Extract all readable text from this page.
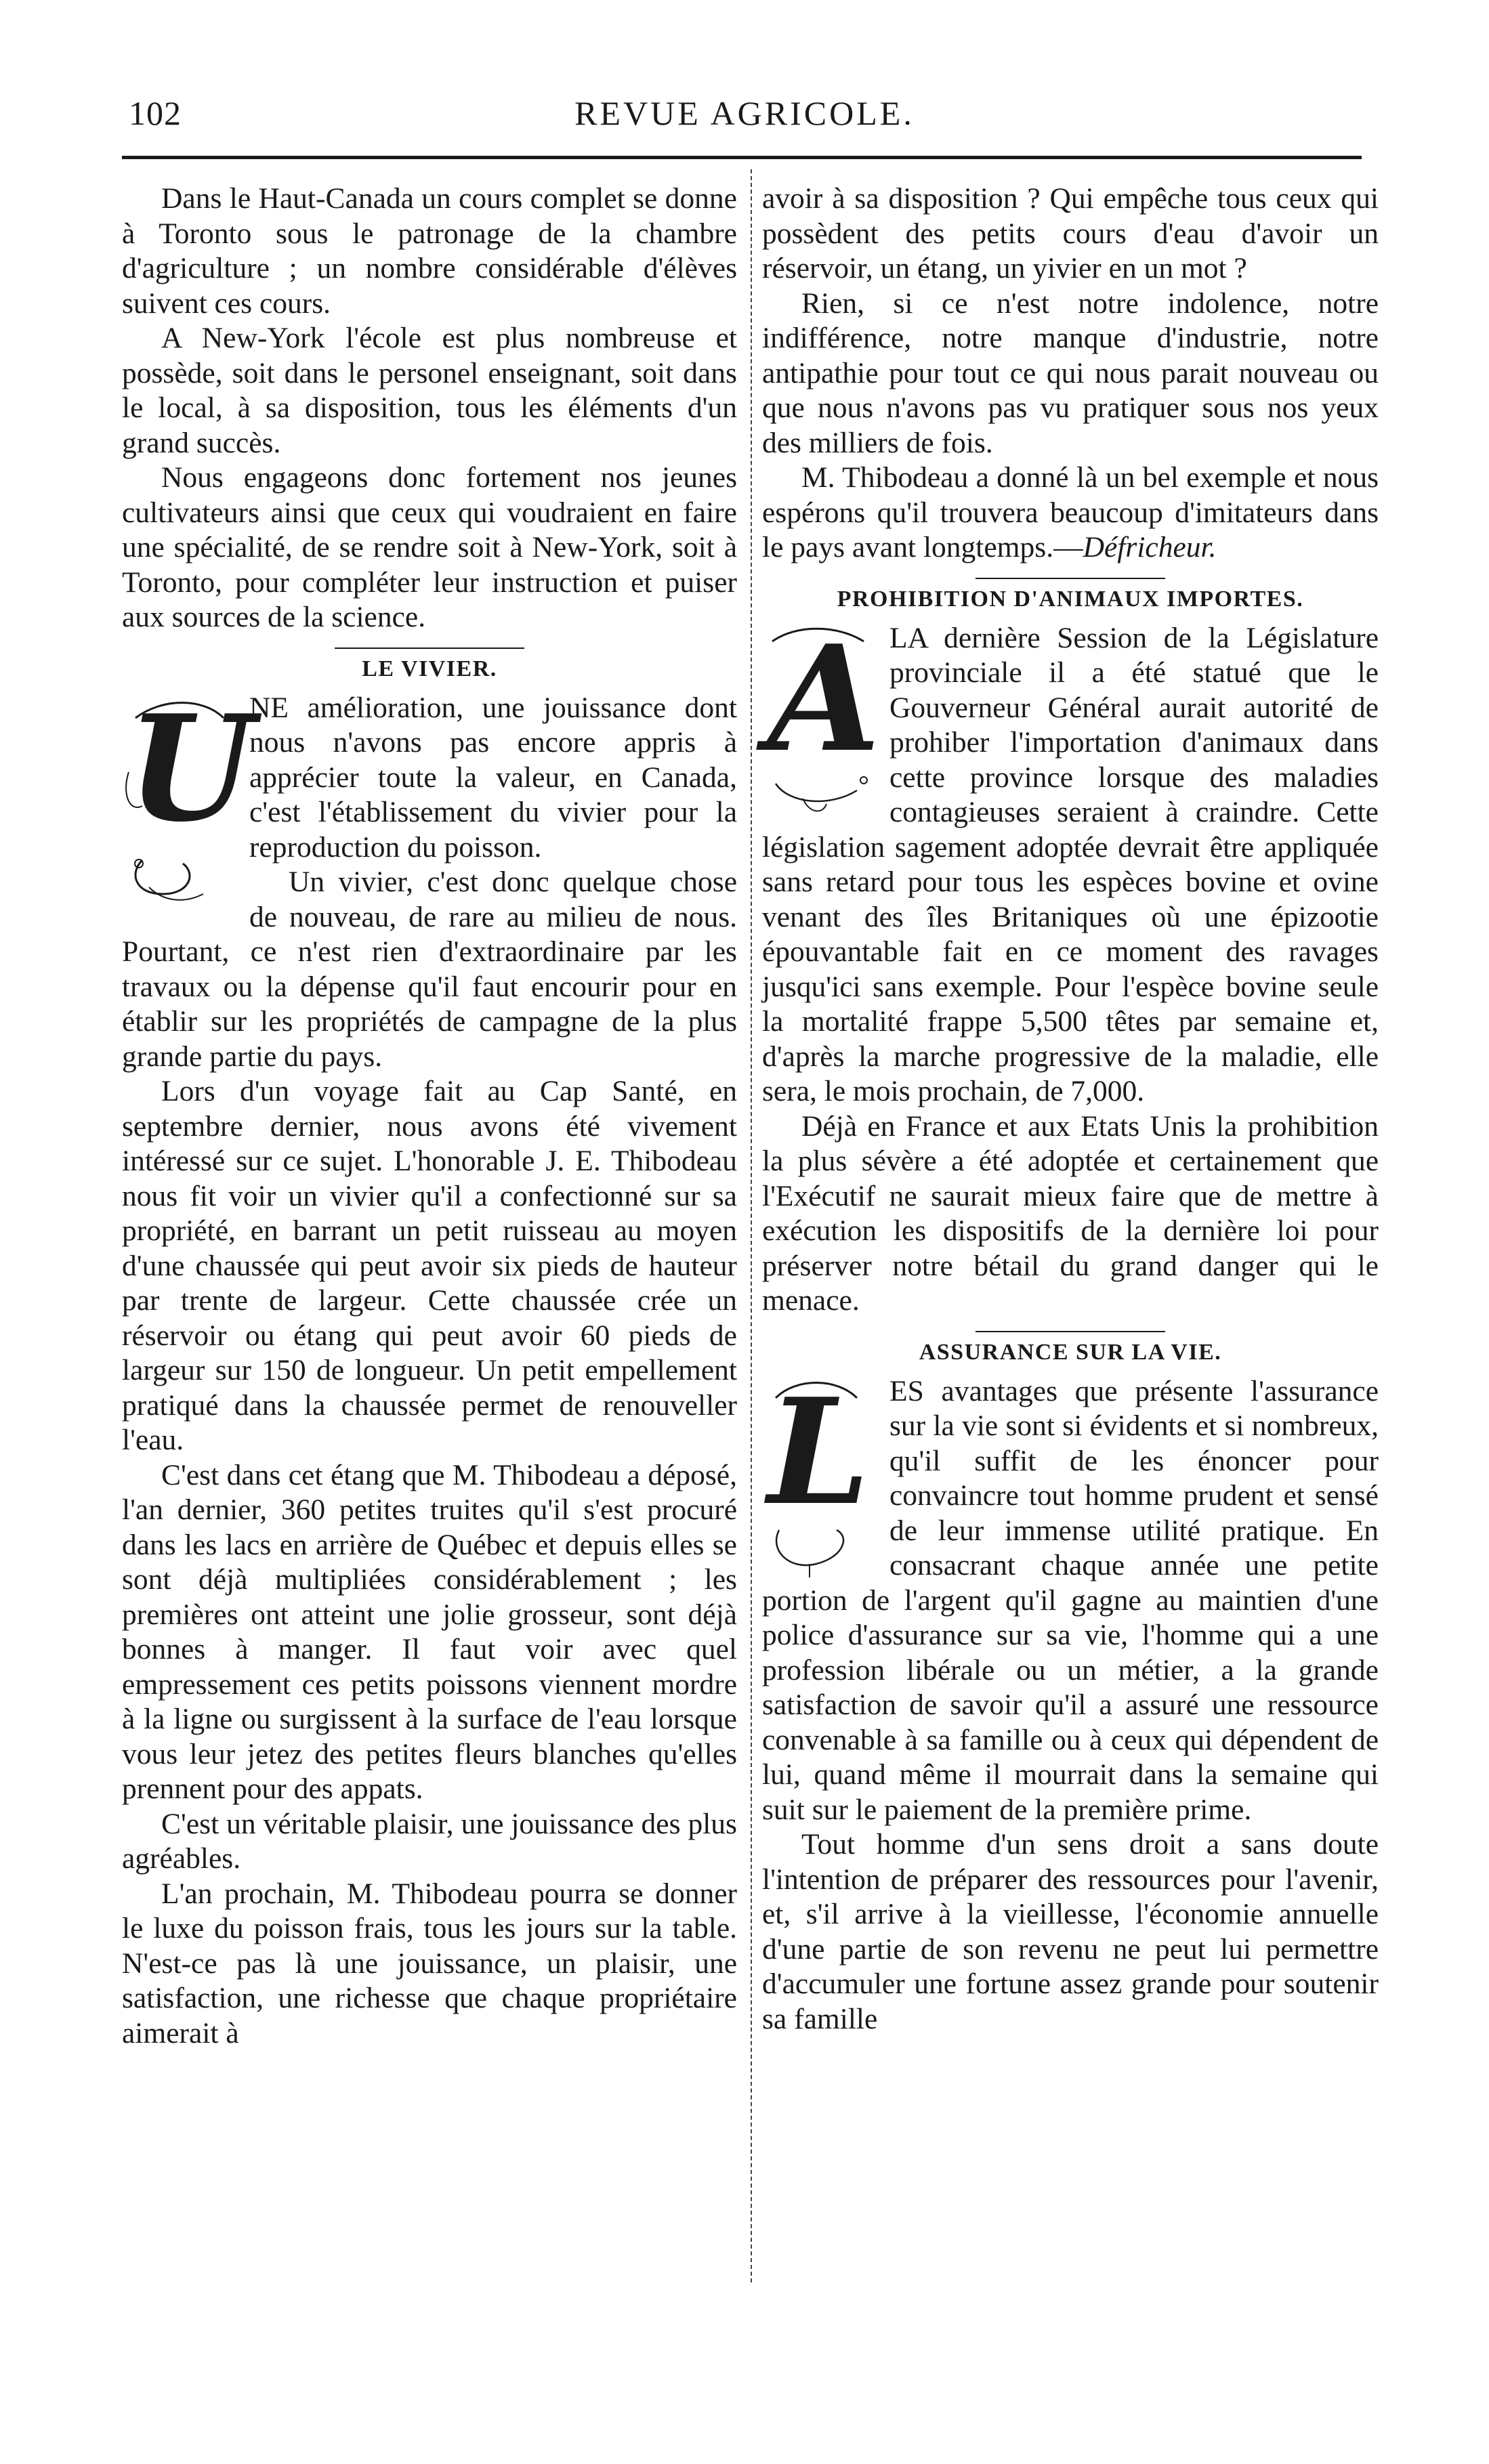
102	REVUE AGRICOLE.

Dans le Haut-Canada un cours complet se donne à Toronto sous le patronage de la chambre d'agriculture ; un nombre considérable d'élèves suivent ces cours.

A New-York l'école est plus nombreuse et possède, soit dans le personel enseignant, soit dans le local, à sa disposition, tous les éléments d'un grand succès.

Nous engageons donc fortement nos jeunes cultivateurs ainsi que ceux qui voudraient en faire une spécialité, de se rendre soit à New-York, soit à Toronto, pour compléter leur instruction et puiser aux sources de la science.

LE VIVIER.
U

NE amélioration, une jouissance dont nous n'avons pas encore appris à apprécier toute la valeur, en Canada, c'est l'établissement du vivier pour la reproduction du poisson.

Un vivier, c'est donc quelque chose de nouveau, de rare au milieu de nous. Pourtant, ce n'est rien d'extraordinaire par les travaux ou la dépense qu'il faut encourir pour en établir sur les propriétés de campagne de la plus grande partie du pays.

Lors d'un voyage fait au Cap Santé, en septembre dernier, nous avons été vivement intéressé sur ce sujet. L'honorable J. E. Thibodeau nous fit voir un vivier qu'il a confectionné sur sa propriété, en barrant un petit ruisseau au moyen d'une chaussée qui peut avoir six pieds de hauteur par trente de largeur. Cette chaussée crée un réservoir ou étang qui peut avoir 60 pieds de largeur sur 150 de longueur. Un petit empellement pratiqué dans la chaussée permet de renouveller l'eau.

C'est dans cet étang que M. Thibodeau a déposé, l'an dernier, 360 petites truites qu'il s'est procuré dans les lacs en arrière de Québec et depuis elles se sont déjà multipliées considérablement ; les premières ont atteint une jolie grosseur, sont déjà bonnes à manger. Il faut voir avec quel empressement ces petits poissons viennent mordre à la ligne ou surgissent à la surface de l'eau lorsque vous leur jetez des petites fleurs blanches qu'elles prennent pour des appats.

C'est un véritable plaisir, une jouissance des plus agréables.

L'an prochain, M. Thibodeau pourra se donner le luxe du poisson frais, tous les jours sur la table. N'est-ce pas là une jouissance, un plaisir, une satisfaction, une richesse que chaque propriétaire aimerait à

avoir à sa disposition ? Qui empêche tous ceux qui possèdent des petits cours d'eau d'avoir un réservoir, un étang, un yivier en un mot ?

Rien, si ce n'est notre indolence, notre indifférence, notre manque d'industrie, notre antipathie pour tout ce qui nous parait nouveau ou que nous n'avons pas vu pratiquer sous nos yeux des milliers de fois.

M. Thibodeau a donné là un bel exemple et nous espérons qu'il trouvera beaucoup d'imitateurs dans le pays avant longtemps.—Défricheur.

PROHIBITION D'ANIMAUX IMPORTES.
A LA dernière Session de la Législature provinciale il a été statué que le Gouverneur Général aurait autorité de prohiber l'importation d'animaux dans cette province lorsque des maladies contagieuses seraient à craindre. Cette législation sagement adoptée devrait être appliquée sans retard pour tous les espèces bovine et ovine venant des îles Britaniques où une épizootie épouvantable fait en ce moment des ravages jusqu'ici sans exemple. Pour l'espèce bovine seule la mortalité frappe 5,500 têtes par semaine et, d'après la marche progressive de la maladie, elle sera, le mois prochain, de 7,000.

Déjà en France et aux Etats Unis la prohibition la plus sévère a été adoptée et certainement que l'Exécutif ne saurait mieux faire que de mettre à exécution les dispositifs de la dernière loi pour préserver notre bétail du grand danger qui le menace.

ASSURANCE SUR LA VIE.
L ES avantages que présente l'assurance sur la vie sont si évidents et si nombreux, qu'il suffit de les énoncer pour convaincre tout homme prudent et sensé de leur immense utilité pratique. En consacrant chaque année une petite portion de l'argent qu'il gagne au maintien d'une police d'assurance sur sa vie, l'homme qui a une profession libérale ou un métier, a la grande satisfaction de savoir qu'il a assuré une ressource convenable à sa famille ou à ceux qui dépendent de lui, quand même il mourrait dans la semaine qui suit sur le paiement de la première prime.

Tout homme d'un sens droit a sans doute l'intention de préparer des ressources pour l'avenir, et, s'il arrive à la vieillesse, l'économie annuelle d'une partie de son revenu ne peut lui permettre d'accumuler une fortune assez grande pour soutenir sa famille
